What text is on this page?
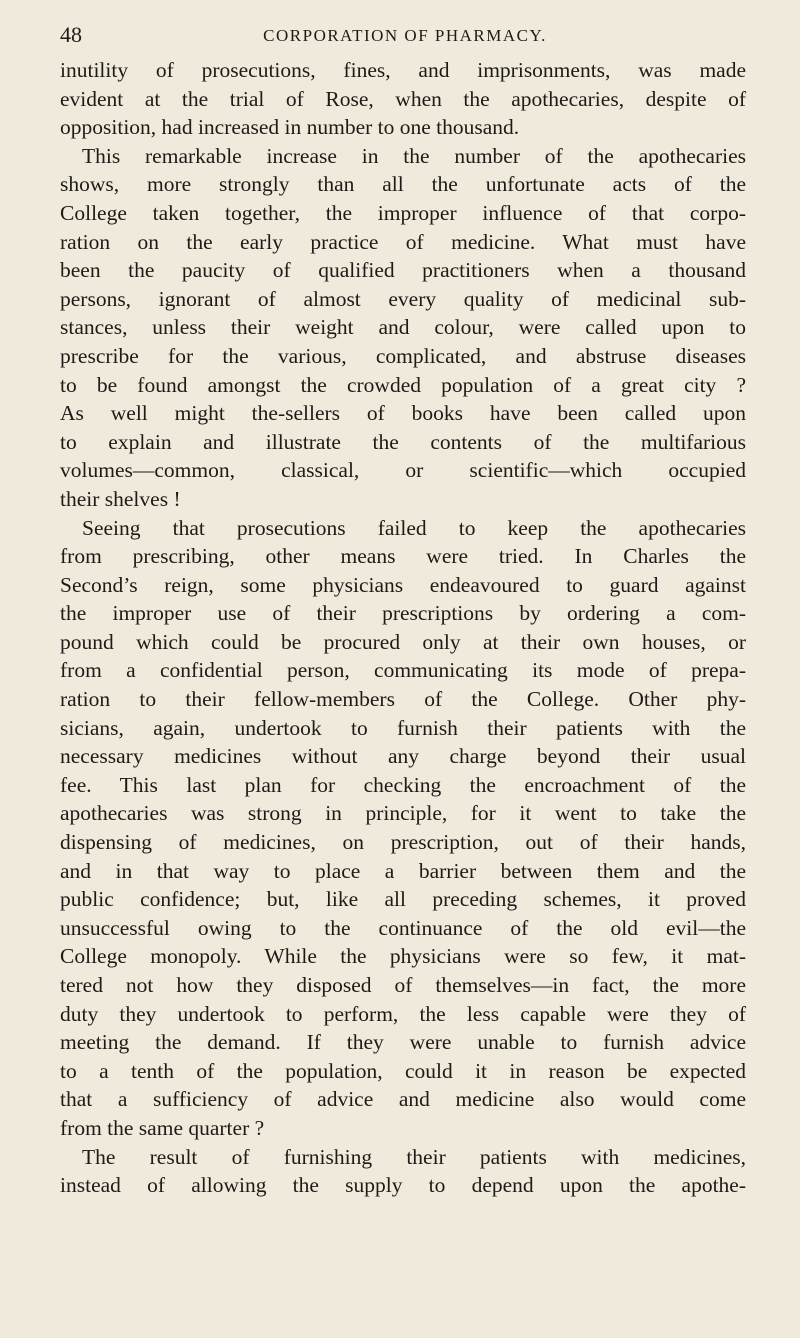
48	CORPORATION OF PHARMACY.
inutility of prosecutions, fines, and imprisonments, was made
evident at the trial of Rose, when the apothecaries, despite of
opposition, had increased in number to one thousand.
This remarkable increase in the number of the apothecaries
shows, more strongly than all the unfortunate acts of the
College taken together, the improper influence of that corpo-
ration on the early practice of medicine. What must have
been the paucity of qualified practitioners when a thousand
persons, ignorant of almost every quality of medicinal sub-
stances, unless their weight and colour, were called upon to
prescribe for the various, complicated, and abstruse diseases
to be found amongst the crowded population of a great city ?
As well might the-sellers of books have been called upon
to explain and illustrate the contents of the multifarious
volumes—common, classical, or scientific—which occupied
their shelves !
Seeing that prosecutions failed to keep the apothecaries
from prescribing, other means were tried. In Charles the
Second’s reign, some physicians endeavoured to guard against
the improper use of their prescriptions by ordering a com-
pound which could be procured only at their own houses, or
from a confidential person, communicating its mode of prepa-
ration to their fellow-members of the College. Other phy-
sicians, again, undertook to furnish their patients with the
necessary medicines without any charge beyond their usual
fee. This last plan for checking the encroachment of the
apothecaries was strong in principle, for it went to take the
dispensing of medicines, on prescription, out of their hands,
and in that way to place a barrier between them and the
public confidence; but, like all preceding schemes, it proved
unsuccessful owing to the continuance of the old evil—the
College monopoly. While the physicians were so few, it mat-
tered not how they disposed of themselves—in fact, the more
duty they undertook to perform, the less capable were they of
meeting the demand. If they were unable to furnish advice
to a tenth of the population, could it in reason be expected
that a sufficiency of advice and medicine also would come
from the same quarter ?
The result of furnishing their patients with medicines,
instead of allowing the supply to depend upon the apothe-
